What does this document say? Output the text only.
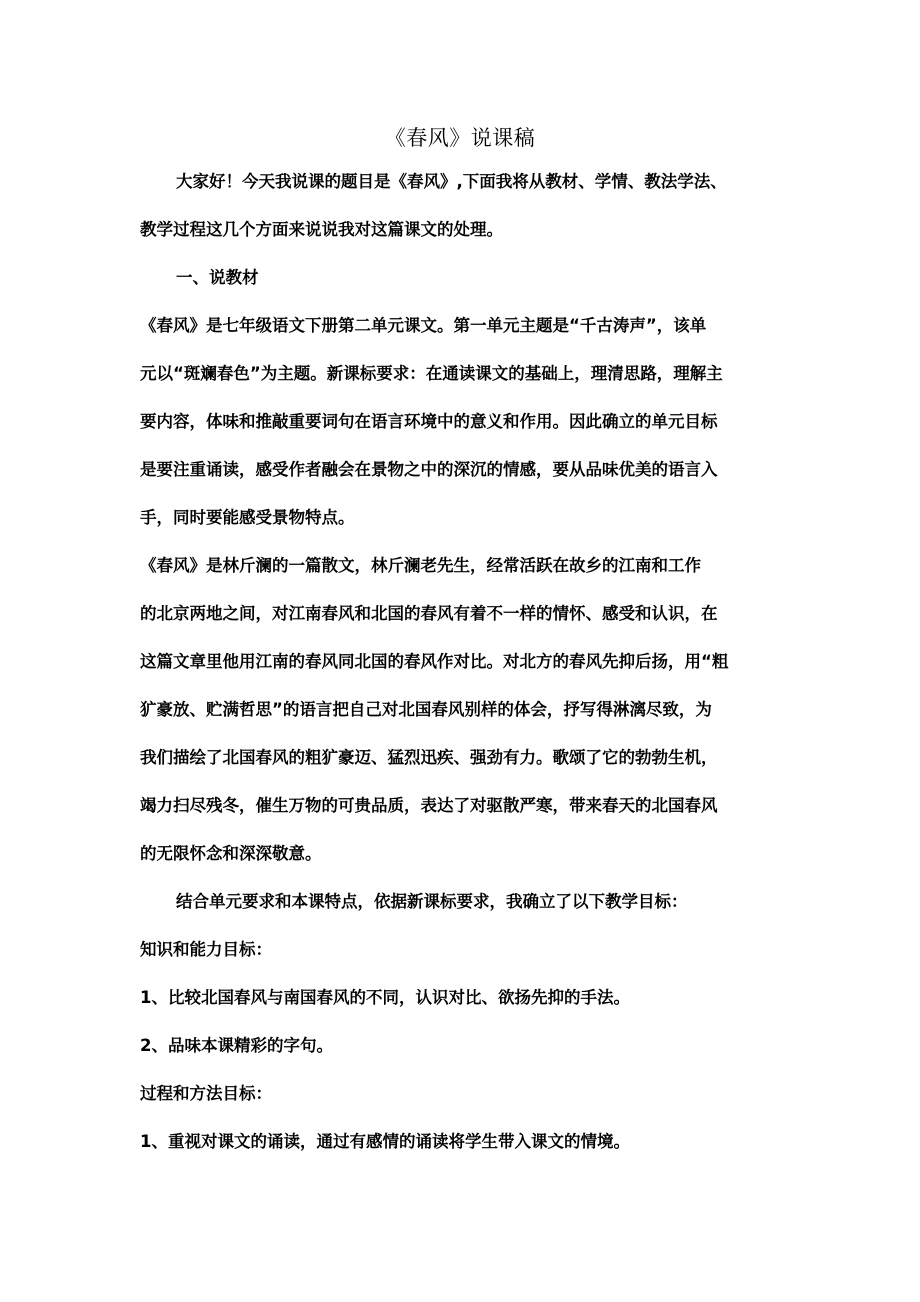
《春风》说课稿
大家好！今天我说课的题目是《春风》,下面我将从教材、学情、教法学法、
教学过程这几个方面来说说我对这篇课文的处理。
一、说教材
《春风》是七年级语文下册第二单元课文。第一单元主题是“千古涛声”，该单
元以“斑斓春色”为主题。新课标要求：在通读课文的基础上，理清思路，理解主
要内容，体味和推敲重要词句在语言环境中的意义和作用。因此确立的单元目标
是要注重诵读，感受作者融会在景物之中的深沉的情感，要从品味优美的语言入
手，同时要能感受景物特点。
《春风》是林斤澜的一篇散文，林斤澜老先生，经常活跃在故乡的江南和工作
的北京两地之间，对江南春风和北国的春风有着不一样的情怀、感受和认识，在
这篇文章里他用江南的春风同北国的春风作对比。对北方的春风先抑后扬，用“粗
犷豪放、贮满哲思”的语言把自己对北国春风别样的体会，抒写得淋漓尽致，为
我们描绘了北国春风的粗犷豪迈、猛烈迅疾、强劲有力。歌颂了它的勃勃生机，
竭力扫尽残冬，催生万物的可贵品质，表达了对驱散严寒，带来春天的北国春风
的无限怀念和深深敬意。
结合单元要求和本课特点，依据新课标要求，我确立了以下教学目标：
知识和能力目标：
1、比较北国春风与南国春风的不同，认识对比、欲扬先抑的手法。
2、品味本课精彩的字句。
过程和方法目标：
1、重视对课文的诵读，通过有感情的诵读将学生带入课文的情境。
